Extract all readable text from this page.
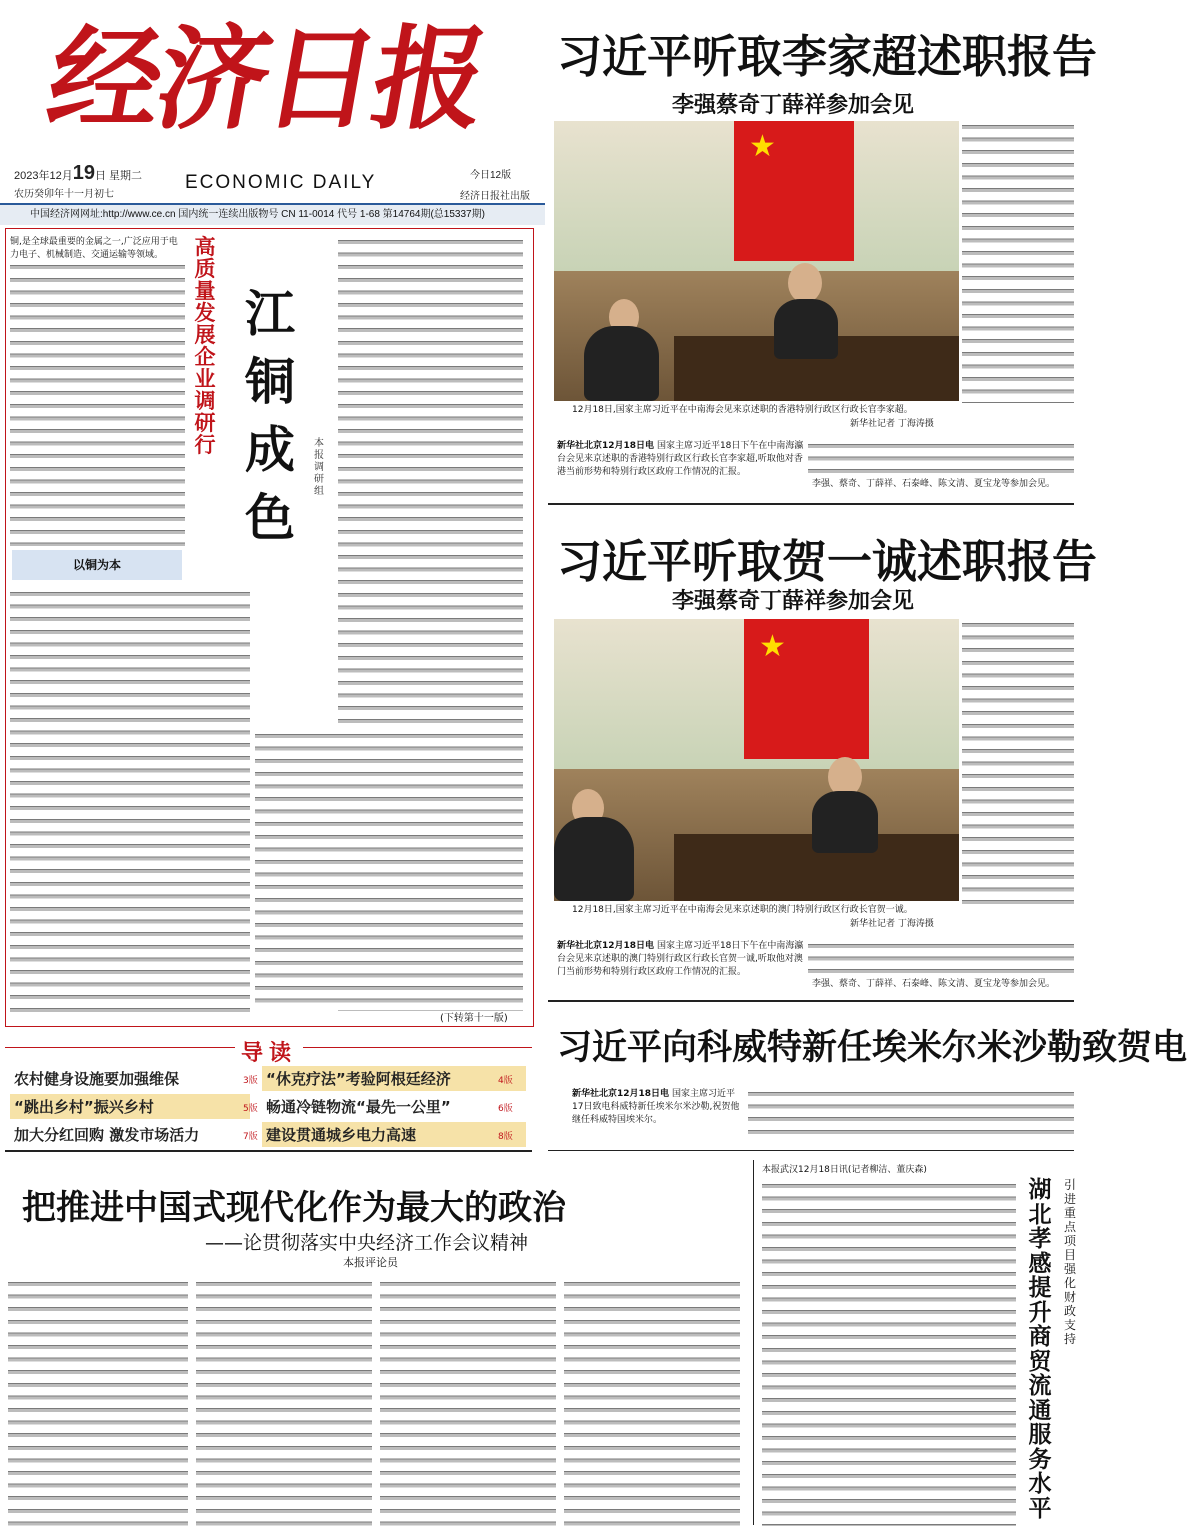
经济日报
2023年12月19日 星期二 ECONOMIC DAILY
农历癸卯年十一月初七
今日12版
经济日报社出版
中国经济网网址:http://www.ce.cn 国内统一连续出版物号 CN 11-0014 代号 1-68 第14764期(总15337期)
习近平听取李家超述职报告
李强蔡奇丁薛祥参加会见
★
12月18日,国家主席习近平在中南海会见来京述职的香港特别行政区行政长官李家超。
新华社记者 丁海涛摄
新华社北京12月18日电 国家主席习近平18日下午在中南海瀛台会见来京述职的香港特别行政区行政长官李家超,听取他对香港当前形势和特别行政区政府工作情况的汇报。
李强、蔡奇、丁薛祥、石泰峰、陈文清、夏宝龙等参加会见。
习近平听取贺一诚述职报告
李强蔡奇丁薛祥参加会见
★
12月18日,国家主席习近平在中南海会见来京述职的澳门特别行政区行政长官贺一诚。
新华社记者 丁海涛摄
新华社北京12月18日电 国家主席习近平18日下午在中南海瀛台会见来京述职的澳门特别行政区行政长官贺一诚,听取他对澳门当前形势和特别行政区政府工作情况的汇报。
李强、蔡奇、丁薛祥、石泰峰、陈文清、夏宝龙等参加会见。
习近平向科威特新任埃米尔米沙勒致贺电
新华社北京12月18日电 国家主席习近平17日致电科威特新任埃米尔米沙勒,祝贺他继任科威特国埃米尔。
铜,是全球最重要的金属之一,广泛应用于电力电子、机械制造、交通运输等领域。	高质量发展企业调研行
江铜成色
本报调研组
以铜为本
(下转第十一版)
导读
农村健身设施要加强维保	3版 “休克疗法”考验阿根廷经济	4版
“跳出乡村”振兴乡村	5版 畅通冷链物流“最先一公里”	6版
加大分红回购 激发市场活力	7版 建设贯通城乡电力高速	8版
把推进中国式现代化作为最大的政治
——论贯彻落实中央经济工作会议精神
本报评论员
本报武汉12月18日讯(记者柳洁、董庆森)
湖北孝感提升商贸流通服务水平
引进重点项目 强化财政支持
